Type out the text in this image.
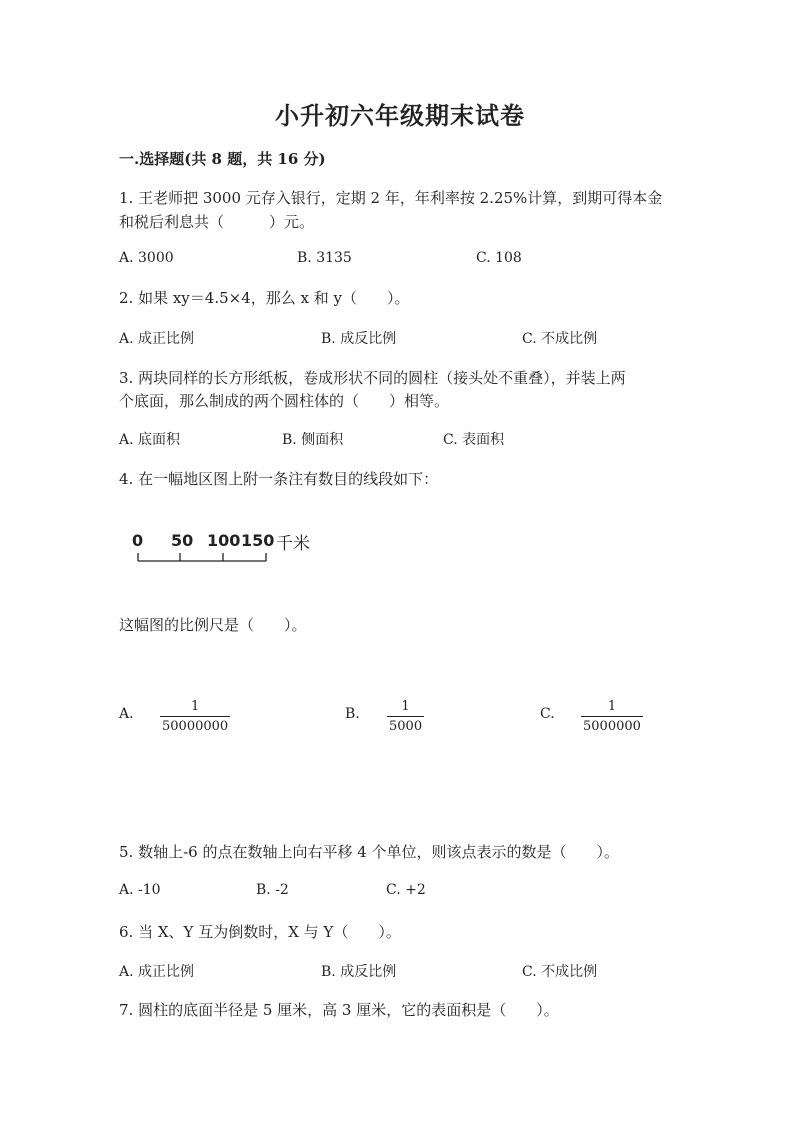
小升初六年级期末试卷
一.选择题(共 8 题，共 16 分)
1. 王老师把 3000 元存入银行，定期 2 年，年利率按 2.25%计算，到期可得本金
和税后利息共（　　　）元。
A. 3000	B. 3135	C. 108
2. 如果 xy＝4.5×4，那么 x 和 y（　　）。
A. 成正比例	B. 成反比例	C. 不成比例
3. 两块同样的长方形纸板，卷成形状不同的圆柱（接头处不重叠），并装上两
个底面，那么制成的两个圆柱体的（　　）相等。
A. 底面积	B. 侧面积	C. 表面积
4. 在一幅地区图上附一条注有数目的线段如下：
0 50 100 150 千米
这幅图的比例尺是（　　）。
A. $\frac{1}{50000000}$	B. $\frac{1}{5000}$	C. $\frac{1}{5000000}$
5. 数轴上-6 的点在数轴上向右平移 4 个单位，则该点表示的数是（　　）。
A. -10	B. -2	C. +2
6. 当 X、Y 互为倒数时，X 与 Y（　　）。
A. 成正比例	B. 成反比例	C. 不成比例
7. 圆柱的底面半径是 5 厘米，高 3 厘米，它的表面积是（　　）。
